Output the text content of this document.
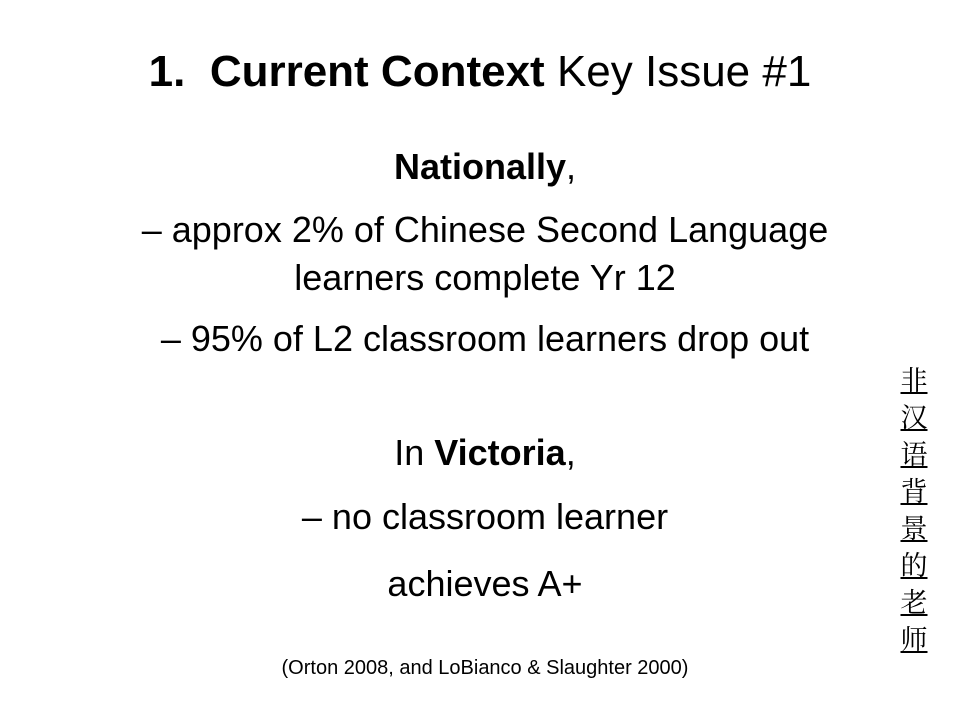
1. Current Context Key Issue #1
Nationally,
– approx 2% of Chinese Second Language
learners complete Yr 12
– 95% of L2 classroom learners drop out
In Victoria,
– no classroom learner
achieves A+
(Orton 2008, and LoBianco & Slaughter 2000)
非
汉
语
背
景
的
老
师
